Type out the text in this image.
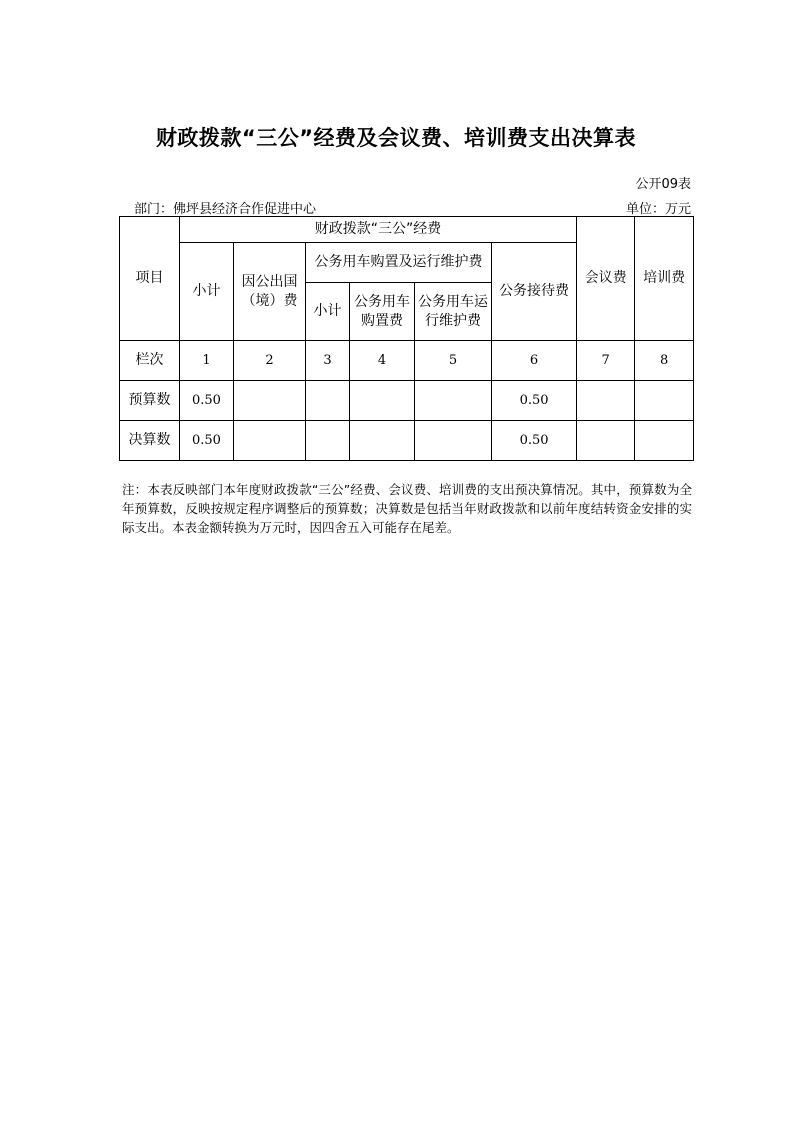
财政拨款“三公”经费及会议费、培训费支出决算表
公开09表
部门：佛坪县经济合作促进中心	单位：万元
项目	财政拨款“三公”经费						会议费	培训费
	小计	因公出国（境）费	公务用车购置及运行维护费			公务接待费		
			小计	公务用车购置费	公务用车运行维护费			
栏次	1	2	3	4	5	6	7	8
预算数	0.50					0.50		
决算数	0.50					0.50		
注：本表反映部门本年度财政拨款“三公”经费、会议费、培训费的支出预决算情况。其中，预算数为全年预算数，反映按规定程序调整后的预算数；决算数是包括当年财政拨款和以前年度结转资金安排的实际支出。本表金额转换为万元时，因四舍五入可能存在尾差。
